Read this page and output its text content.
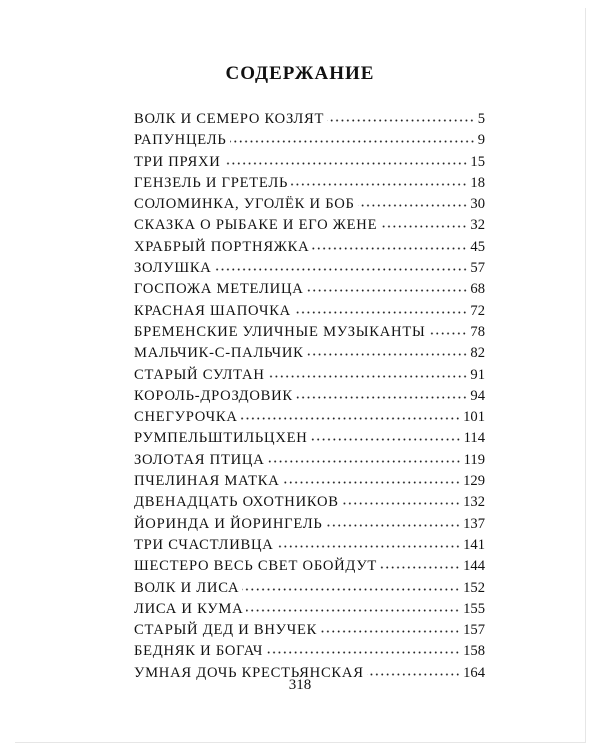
СОДЕРЖАНИЕ
ВОЛК И СЕМЕРО КОЗЛЯТ	5
РАПУНЦЕЛЬ	9
ТРИ ПРЯХИ	15
ГЕНЗЕЛЬ И ГРЕТЕЛЬ	18
СОЛОМИНКА, УГОЛЁК И БОБ	30
СКАЗКА О РЫБАКЕ И ЕГО ЖЕНЕ	32
ХРАБРЫЙ ПОРТНЯЖКА	45
ЗОЛУШКА	57
ГОСПОЖА МЕТЕЛИЦА	68
КРАСНАЯ ШАПОЧКА	72
БРЕМЕНСКИЕ УЛИЧНЫЕ МУЗЫКАНТЫ	78
МАЛЬЧИК-С-ПАЛЬЧИК	82
СТАРЫЙ СУЛТАН	91
КОРОЛЬ-ДРОЗДОВИК	94
СНЕГУРОЧКА	101
РУМПЕЛЬШТИЛЬЦХЕН	114
ЗОЛОТАЯ ПТИЦА	119
ПЧЕЛИНАЯ МАТКА	129
ДВЕНАДЦАТЬ ОХОТНИКОВ	132
ЙОРИНДА И ЙОРИНГЕЛЬ	137
ТРИ СЧАСТЛИВЦА	141
ШЕСТЕРО ВЕСЬ СВЕТ ОБОЙДУТ	144
ВОЛК И ЛИСА	152
ЛИСА И КУМА	155
СТАРЫЙ ДЕД И ВНУЧЕК	157
БЕДНЯК И БОГАЧ	158
УМНАЯ ДОЧЬ КРЕСТЬЯНСКАЯ	164
318
